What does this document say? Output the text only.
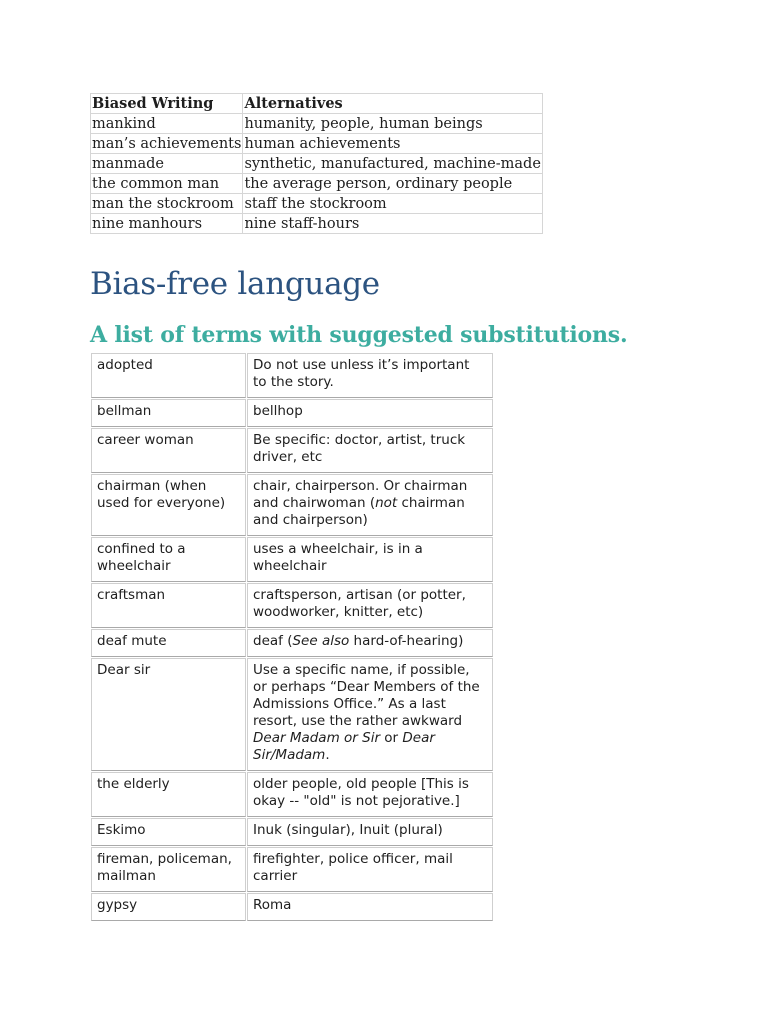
Biased Writing	Alternatives
mankind	humanity, people, human beings
man’s achievements	human achievements
manmade	synthetic, manufactured, machine-made
the common man	the average person, ordinary people
man the stockroom	staff the stockroom
nine manhours	nine staff-hours
Bias-free language
A list of terms with suggested substitutions.
adopted	Do not use unless it’s important to the story.
bellman	bellhop
career woman	Be specific: doctor, artist, truck driver, etc
chairman (when used for everyone)	chair, chairperson. Or chairman and chairwoman (not chairman and chairperson)
confined to a wheelchair	uses a wheelchair, is in a wheelchair
craftsman	craftsperson, artisan (or potter, woodworker, knitter, etc)
deaf mute	deaf (See also hard-of-hearing)
Dear sir	Use a specific name, if possible, or perhaps “Dear Members of the Admissions Office.” As a last resort, use the rather awkward Dear Madam or Sir or Dear Sir/Madam.
the elderly	older people, old people [This is okay -- "old" is not pejorative.]
Eskimo	Inuk (singular), Inuit (plural)
fireman, policeman, mailman	firefighter, police officer, mail carrier
gypsy	Roma
